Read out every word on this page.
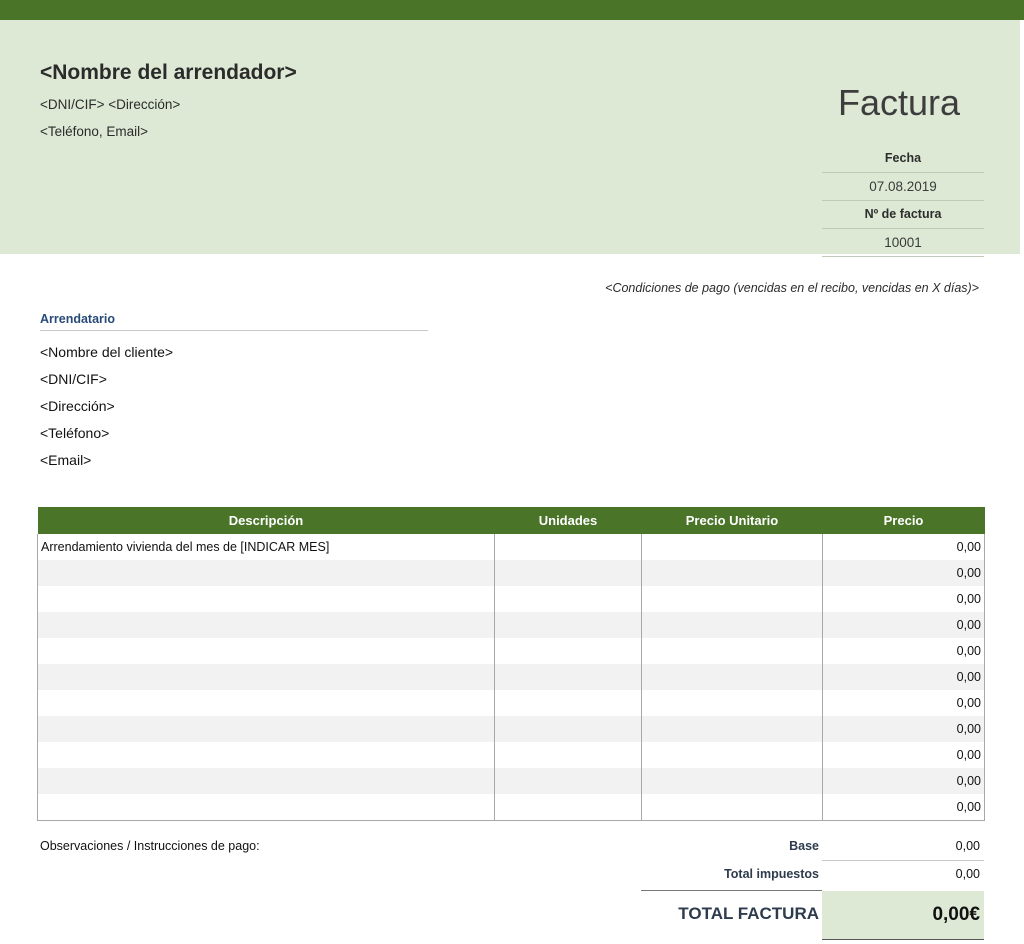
<Nombre del arrendador>
<DNI/CIF> <Dirección>
<Teléfono, Email>
Factura
Fecha
07.08.2019
Nº de factura
10001
<Condiciones de pago (vencidas en el recibo, vencidas en X días)>
Arrendatario
<Nombre del cliente>
<DNI/CIF>
<Dirección>
<Teléfono>
<Email>
Descripción	Unidades	Precio Unitario	Precio
Arrendamiento vivienda del mes de [INDICAR MES]			0,00
			0,00
			0,00
			0,00
			0,00
			0,00
			0,00
			0,00
			0,00
			0,00
			0,00
Observaciones / Instrucciones de pago:	Base	0,00
Total impuestos	0,00
TOTAL FACTURA	0,00€
